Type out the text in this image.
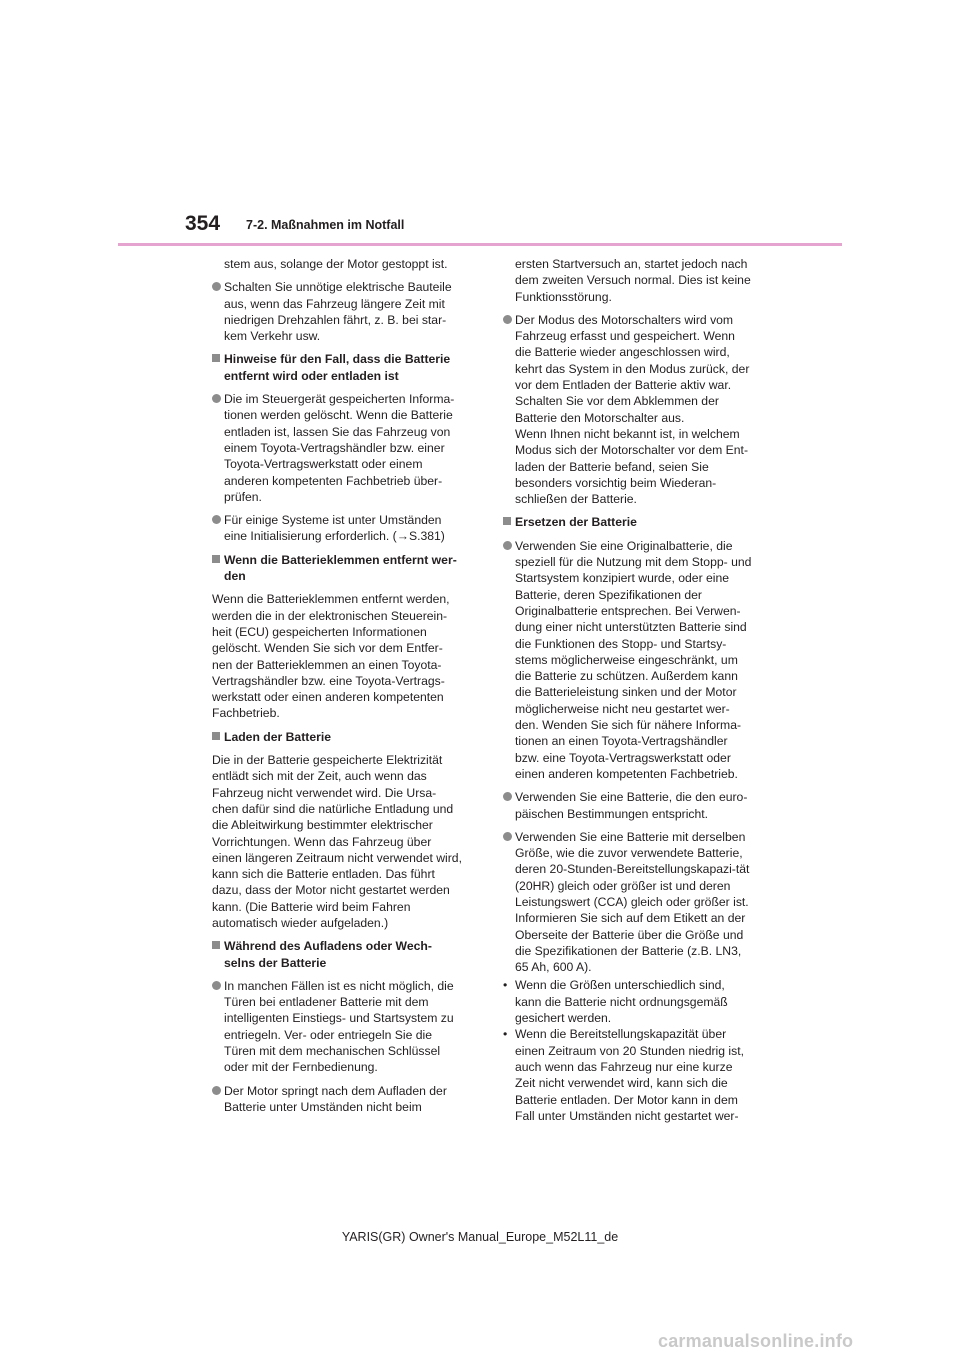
354 7-2. Maßnahmen im Notfall

stem aus, solange der Motor gestoppt ist.

Schalten Sie unnötige elektrische Bauteile aus, wenn das Fahrzeug längere Zeit mit niedrigen Drehzahlen fährt, z. B. bei star-kem Verkehr usw.
Hinweise für den Fall, dass die Batterie entfernt wird oder entladen ist
Die im Steuergerät gespeicherten Informa-tionen werden gelöscht. Wenn die Batterie entladen ist, lassen Sie das Fahrzeug von einem Toyota-Vertragshändler bzw. einer Toyota-Vertragswerkstatt oder einem anderen kompetenten Fachbetrieb über-prüfen.
Für einige Systeme ist unter Umständen eine Initialisierung erforderlich. (→S.381)
Wenn die Batterieklemmen entfernt wer-den

Wenn die Batterieklemmen entfernt werden, werden die in der elektronischen Steuerein-heit (ECU) gespeicherten Informationen gelöscht. Wenden Sie sich vor dem Entfer-nen der Batterieklemmen an einen Toyota-Vertragshändler bzw. eine Toyota-Vertrags-werkstatt oder einen anderen kompetenten Fachbetrieb.

Laden der Batterie

Die in der Batterie gespeicherte Elektrizität entlädt sich mit der Zeit, auch wenn das Fahrzeug nicht verwendet wird. Die Ursa-chen dafür sind die natürliche Entladung und die Ableitwirkung bestimmter elektrischer Vorrichtungen. Wenn das Fahrzeug über einen längeren Zeitraum nicht verwendet wird, kann sich die Batterie entladen. Das führt dazu, dass der Motor nicht gestartet werden kann. (Die Batterie wird beim Fahren automatisch wieder aufgeladen.)

Während des Aufladens oder Wech-selns der Batterie
In manchen Fällen ist es nicht möglich, die Türen bei entladener Batterie mit dem intelligenten Einstiegs- und Startsystem zu entriegeln. Ver- oder entriegeln Sie die Türen mit dem mechanischen Schlüssel oder mit der Fernbedienung.
Der Motor springt nach dem Aufladen der Batterie unter Umständen nicht beim

ersten Startversuch an, startet jedoch nach dem zweiten Versuch normal. Dies ist keine Funktionsstörung.

Der Modus des Motorschalters wird vom Fahrzeug erfasst und gespeichert. Wenn die Batterie wieder angeschlossen wird, kehrt das System in den Modus zurück, der vor dem Entladen der Batterie aktiv war. Schalten Sie vor dem Abklemmen der Batterie den Motorschalter aus.
Wenn Ihnen nicht bekannt ist, in welchem Modus sich der Motorschalter vor dem Ent-laden der Batterie befand, seien Sie besonders vorsichtig beim Wiederan-schließen der Batterie.
Ersetzen der Batterie
Verwenden Sie eine Originalbatterie, die speziell für die Nutzung mit dem Stopp- und Startsystem konzipiert wurde, oder eine Batterie, deren Spezifikationen der Originalbatterie entsprechen. Bei Verwen-dung einer nicht unterstützten Batterie sind die Funktionen des Stopp- und Startsy-stems möglicherweise eingeschränkt, um die Batterie zu schützen. Außerdem kann die Batterieleistung sinken und der Motor möglicherweise nicht neu gestartet wer-den. Wenden Sie sich für nähere Informa-tionen an einen Toyota-Vertragshändler bzw. eine Toyota-Vertragswerkstatt oder einen anderen kompetenten Fachbetrieb.
Verwenden Sie eine Batterie, die den euro-päischen Bestimmungen entspricht.
Verwenden Sie eine Batterie mit derselben Größe, wie die zuvor verwendete Batterie, deren 20-Stunden-Bereitstellungskapazi-tät (20HR) gleich oder größer ist und deren Leistungswert (CCA) gleich oder größer ist. Informieren Sie sich auf dem Etikett an der Oberseite der Batterie über die Größe und die Spezifikationen der Batterie (z.B. LN3, 65 Ah, 600 A).
• Wenn die Größen unterschiedlich sind, kann die Batterie nicht ordnungsgemäß gesichert werden.
• Wenn die Bereitstellungskapazität über einen Zeitraum von 20 Stunden niedrig ist, auch wenn das Fahrzeug nur eine kurze Zeit nicht verwendet wird, kann sich die Batterie entladen. Der Motor kann in dem Fall unter Umständen nicht gestartet wer-
YARIS(GR) Owner's Manual_Europe_M52L11_de
carmanualsonline.info
